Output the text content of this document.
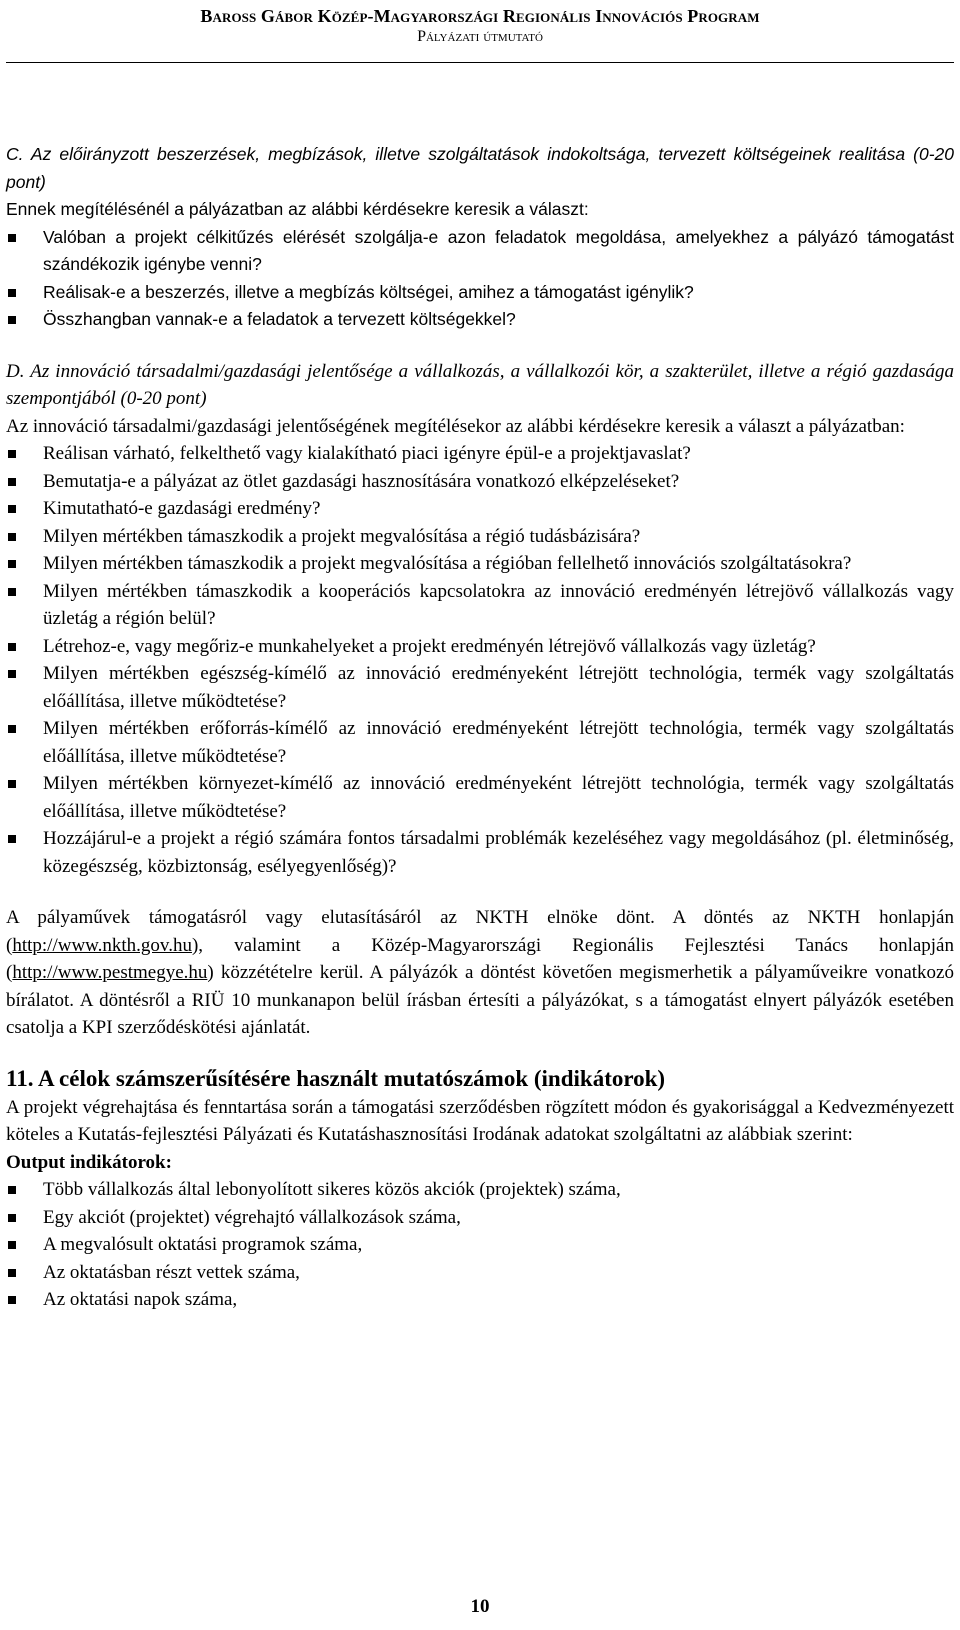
Baross Gábor Közép-Magyarországi Regionális Innovációs Program
Pályázati útmutató

C. Az előirányzott beszerzések, megbízások, illetve szolgáltatások indokoltsága, tervezett költségeinek realitása (0-20 pont)

Ennek megítélésénél a pályázatban az alábbi kérdésekre keresik a választ:

Valóban a projekt célkitűzés elérését szolgálja-e azon feladatok megoldása, amelyekhez a pályázó támogatást szándékozik igénybe venni?
Reálisak-e a beszerzés, illetve a megbízás költségei, amihez a támogatást igénylik?
Összhangban vannak-e a feladatok a tervezett költségekkel?

D. Az innováció társadalmi/gazdasági jelentősége a vállalkozás, a vállalkozói kör, a szakterület, illetve a régió gazdasága szempontjából (0-20 pont)

Az innováció társadalmi/gazdasági jelentőségének megítélésekor az alábbi kérdésekre keresik a választ a pályázatban:

Reálisan várható, felkelthető vagy kialakítható piaci igényre épül-e a projektjavaslat?
Bemutatja-e a pályázat az ötlet gazdasági hasznosítására vonatkozó elképzeléseket?
Kimutatható-e gazdasági eredmény?
Milyen mértékben támaszkodik a projekt megvalósítása a régió tudásbázisára?
Milyen mértékben támaszkodik a projekt megvalósítása a régióban fellelhető innovációs szolgáltatásokra?
Milyen mértékben támaszkodik a kooperációs kapcsolatokra az innováció eredményén létrejövő vállalkozás vagy üzletág a régión belül?
Létrehoz-e, vagy megőriz-e munkahelyeket a projekt eredményén létrejövő vállalkozás vagy üzletág?
Milyen mértékben egészség-kímélő az innováció eredményeként létrejött technológia, termék vagy szolgáltatás előállítása, illetve működtetése?
Milyen mértékben erőforrás-kímélő az innováció eredményeként létrejött technológia, termék vagy szolgáltatás előállítása, illetve működtetése?
Milyen mértékben környezet-kímélő az innováció eredményeként létrejött technológia, termék vagy szolgáltatás előállítása, illetve működtetése?
Hozzájárul-e a projekt a régió számára fontos társadalmi problémák kezeléséhez vagy megoldásához (pl. életminőség, közegészség, közbiztonság, esélyegyenlőség)?

A pályaművek támogatásról vagy elutasításáról az NKTH elnöke dönt. A döntés az NKTH honlapján (http://www.nkth.gov.hu), valamint a Közép-Magyarországi Regionális Fejlesztési Tanács honlapján (http://www.pestmegye.hu) közzétételre kerül. A pályázók a döntést követően megismerhetik a pályaműveikre vonatkozó bírálatot. A döntésről a RIÜ 10 munkanapon belül írásban értesíti a pályázókat, s a támogatást elnyert pályázók esetében csatolja a KPI szerződéskötési ajánlatát.

11. A célok számszerűsítésére használt mutatószámok (indikátorok)

A projekt végrehajtása és fenntartása során a támogatási szerződésben rögzített módon és gyakorisággal a Kedvezményezett köteles a Kutatás-fejlesztési Pályázati és Kutatáshasznosítási Irodának adatokat szolgáltatni az alábbiak szerint:

Output indikátorok:

Több vállalkozás által lebonyolított sikeres közös akciók (projektek) száma,
Egy akciót (projektet) végrehajtó vállalkozások száma,
A megvalósult oktatási programok száma,
Az oktatásban részt vettek száma,
Az oktatási napok száma,
10
